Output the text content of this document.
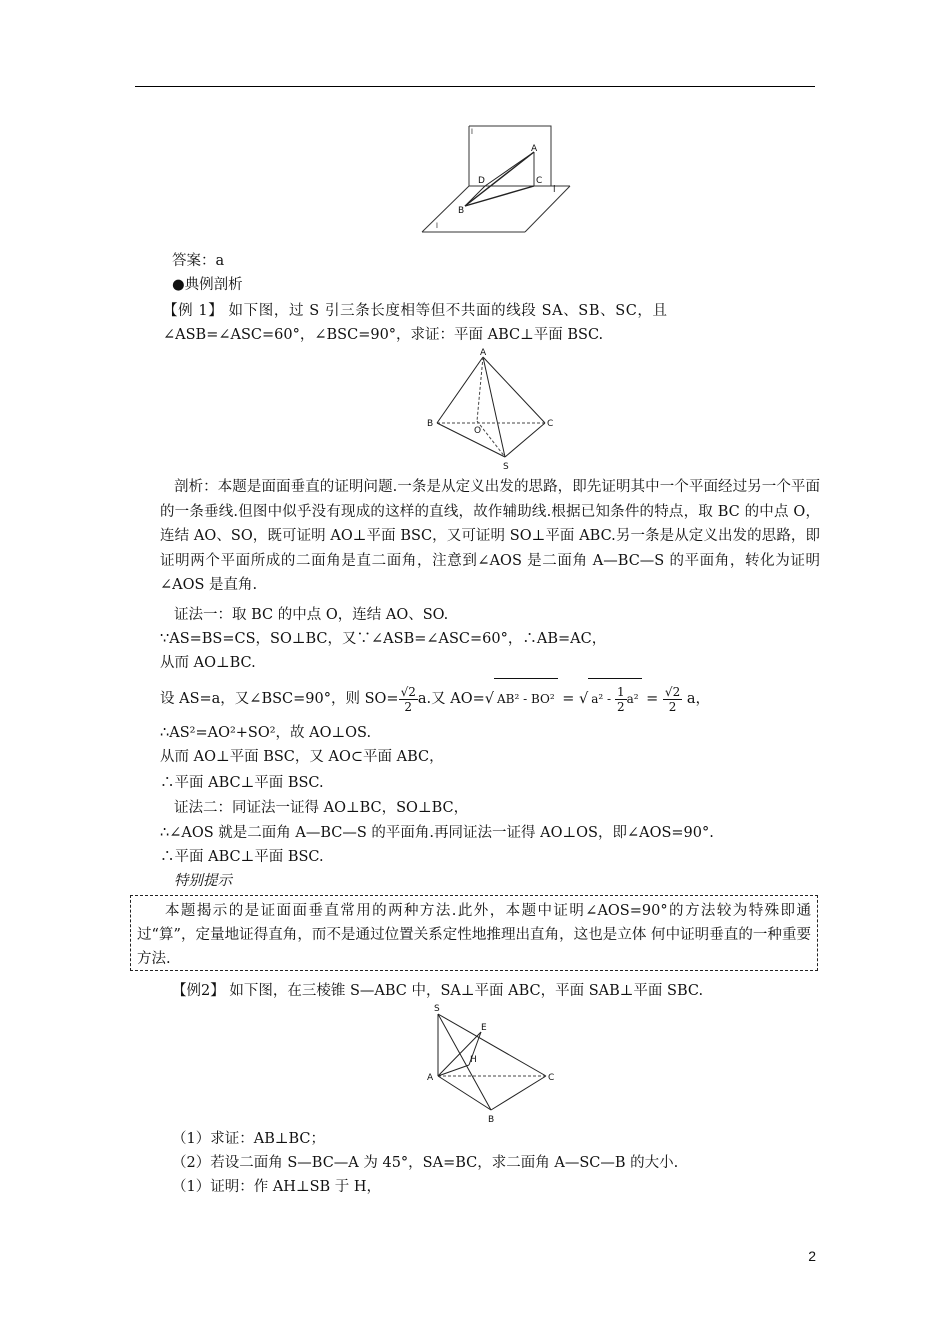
A
D	C
B
l
l
l
答案：a
●典例剖析
【例 1】 如下图，过 S 引三条长度相等但不共面的线段 SA、SB、SC，且
∠ASB=∠ASC=60°，∠BSC=90°，求证：平面 ABC⊥平面 BSC.
A
B
O
C
S
剖析：本题是面面垂直的证明问题.一条是从定义出发的思路，即先证明其中一个平面经过另一个平面的一条垂线.但图中似乎没有现成的这样的直线，故作辅助线.根据已知条件的特点，取 BC 的中点 O，连结 AO、SO，既可证明 AO⊥平面 BSC，又可证明 SO⊥平面 ABC.另一条是从定义出发的思路，即证明两个平面所成的二面角是直二面角，注意到∠AOS 是二面角 A—BC—S 的平面角，转化为证明∠AOS 是直角.
证法一：取 BC 的中点 O，连结 AO、SO.
∵AS=BS=CS，SO⊥BC，又∵∠ASB=∠ASC=60°，∴AB=AC，
从而 AO⊥BC.
设 AS=a，又∠BSC=90°，则 $SO= \frac{√2}{2} a$.又 AO=√ AB² - BO² = √ $a^2 - \frac{1}{2} a^2 = \frac{√2}{2}$ a，
∴AS²=AO²+SO²，故 AO⊥OS.
从而 AO⊥平面 BSC，又 AO⊂平面 ABC，
∴平面 ABC⊥平面 BSC.
证法二：同证法一证得 AO⊥BC，SO⊥BC，
∴∠AOS 就是二面角 A—BC—S 的平面角.再同证法一证得 AO⊥OS，即∠AOS=90°.
∴平面 ABC⊥平面 BSC.
特别提示

本题揭示的是证面面垂直常用的两种方法.此外，本题中证明∠AOS=90°的方法较为特殊即通过“算”，定量地证得直角，而不是通过位置关系定性地推理出直角，这也是立体 何中证明垂直的一种重要方法.

【例2】 如下图，在三棱锥 S—ABC 中，SA⊥平面 ABC，平面 SAB⊥平面 SBC.
S
E
H
A	C
B
（1）求证：AB⊥BC；
（2）若设二面角 S—BC—A 为 45°，SA=BC，求二面角 A—SC—B 的大小.
（1）证明：作 AH⊥SB 于 H，
2
